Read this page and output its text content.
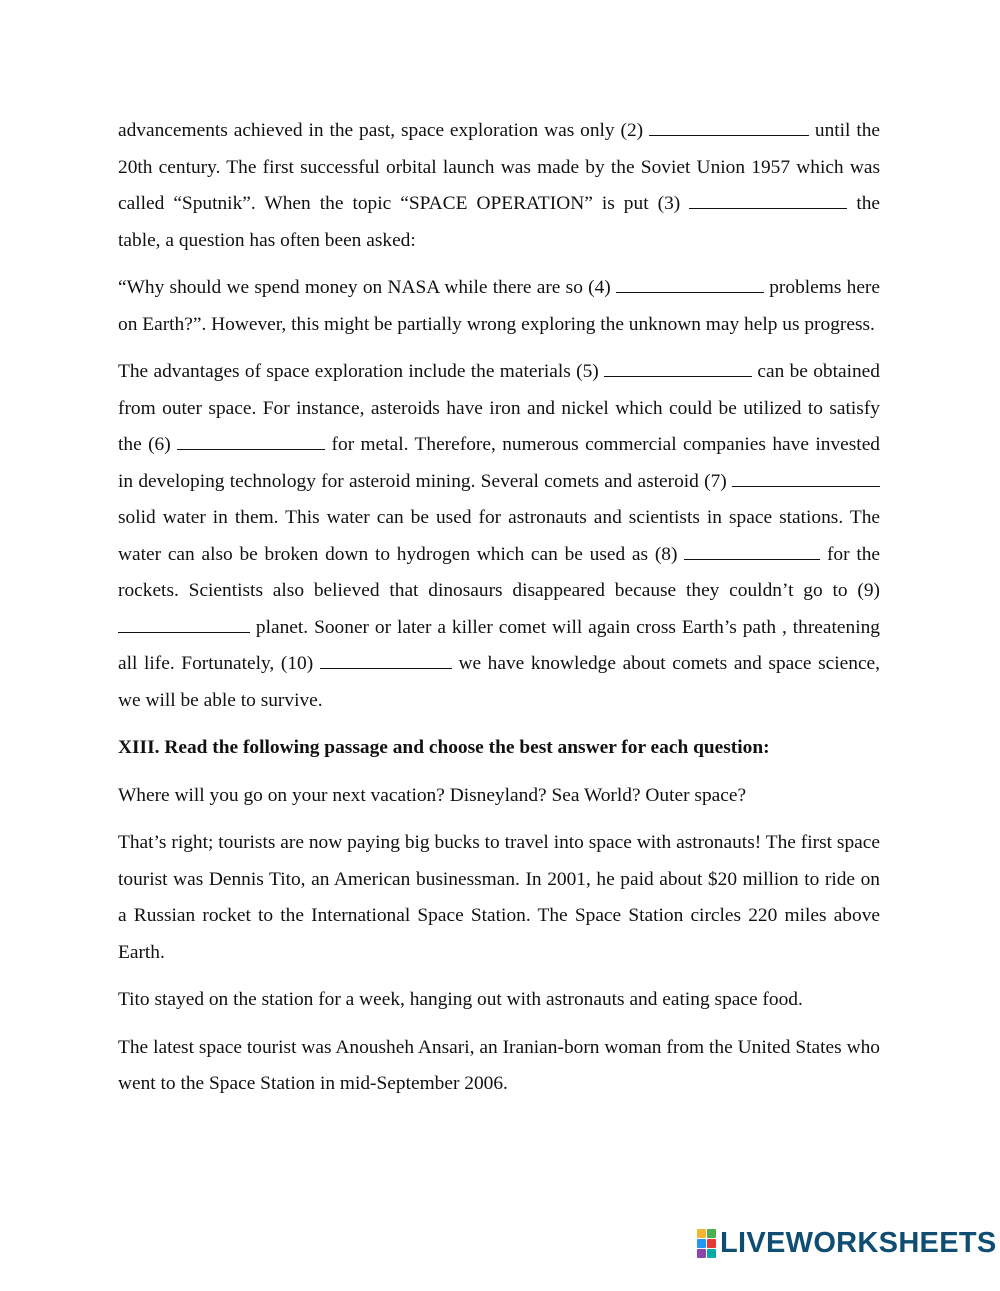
advancements achieved in the past, space exploration was only (2)	until the 20th century. The first successful orbital launch was made by the Soviet Union 1957 which was called “Sputnik”. When the topic “SPACE OPERATION” is put (3)	the table, a question has often been asked:

“Why should we spend money on NASA while there are so (4)	problems here on Earth?”. However, this might be partially wrong exploring the unknown may help us progress.

The advantages of space exploration include the materials (5)	can be obtained from outer space. For instance, asteroids have iron and nickel which could be utilized to satisfy the (6)	for metal. Therefore, numerous commercial companies have invested in developing technology for asteroid mining. Several comets and asteroid (7)  solid water in them. This water can be used for astronauts and scientists in space stations. The water can also be broken down to hydrogen which can be used as (8)	for the rockets. Scientists also believed that dinosaurs disappeared because they couldn’t go to (9)  planet. Sooner or later a killer comet will again cross Earth’s path , threatening all life. Fortunately, (10)	we have knowledge about comets and space science, we will be able to survive.

XIII. Read the following passage and choose the best answer for each question:

Where will you go on your next vacation? Disneyland? Sea World? Outer space?

That’s right; tourists are now paying big bucks to travel into space with astronauts! The first space tourist was Dennis Tito, an American businessman. In 2001, he paid about $20 million to ride on a Russian rocket to the International Space Station. The Space Station circles 220 miles above Earth.

Tito stayed on the station for a week, hanging out with astronauts and eating space food.

The latest space tourist was Anousheh Ansari, an Iranian-born woman from the United States who went to the Space Station in mid-September 2006.

LIVEWORKSHEETS
